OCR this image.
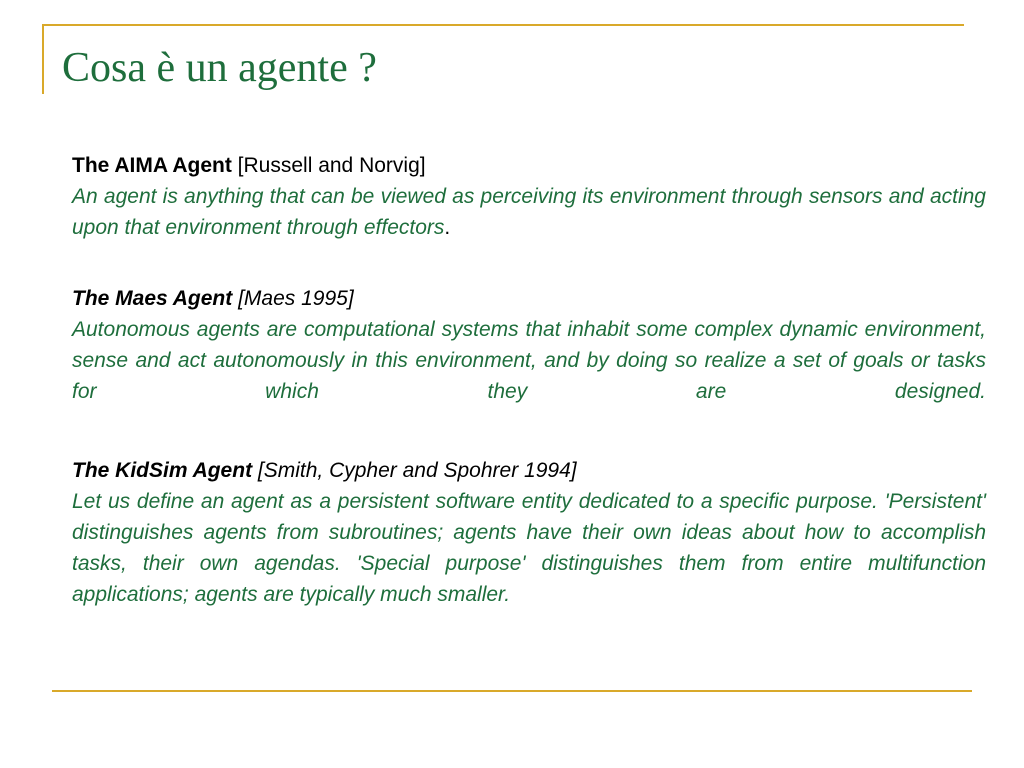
Cosa è un agente ?
The AIMA Agent [Russell and Norvig]
An agent is anything that can be viewed as perceiving its environment through sensors and acting upon that environment through effectors.
The Maes Agent [Maes 1995]
Autonomous agents are computational systems that inhabit some complex dynamic environment, sense and act autonomously in this environment, and by doing so realize a set of goals or tasks for which they are designed.
The KidSim Agent [Smith, Cypher and Spohrer 1994]
Let us define an agent as a persistent software entity dedicated to a specific purpose. 'Persistent' distinguishes agents from subroutines; agents have their own ideas about how to accomplish tasks, their own agendas. 'Special purpose' distinguishes them from entire multifunction applications; agents are typically much smaller.
